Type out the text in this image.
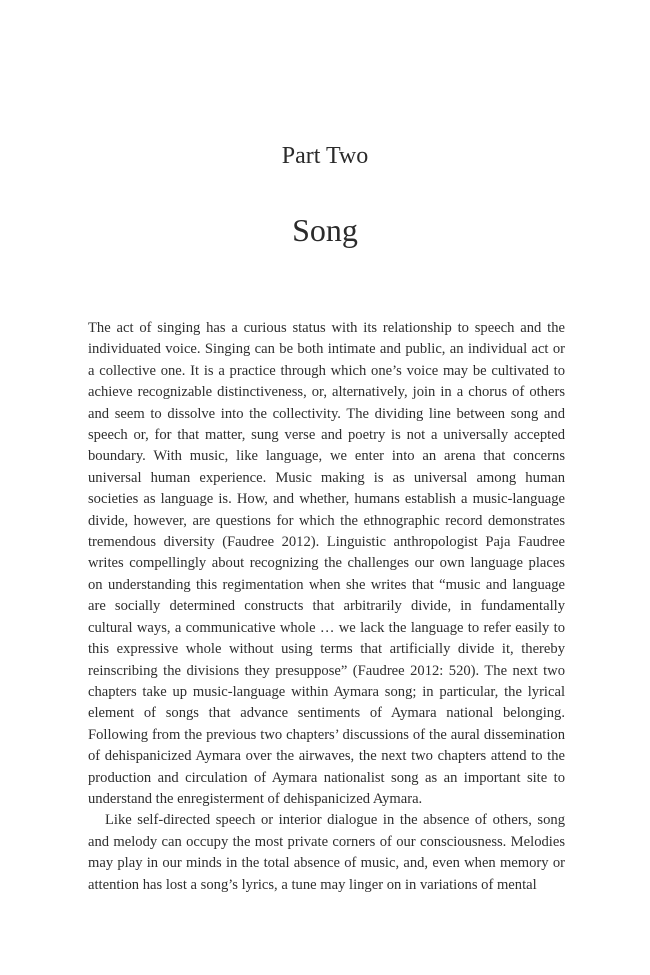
Part Two
Song

The act of singing has a curious status with its relationship to speech and the individuated voice. Singing can be both intimate and public, an individual act or a collective one. It is a practice through which one’s voice may be cultivated to achieve recognizable distinctiveness, or, alternatively, join in a chorus of others and seem to dissolve into the collectivity. The dividing line between song and speech or, for that matter, sung verse and poetry is not a universally accepted boundary. With music, like language, we enter into an arena that concerns universal human experience. Music making is as universal among human societies as language is. How, and whether, humans establish a music-language divide, however, are questions for which the ethnographic record demonstrates tremendous diversity (Faudree 2012). Linguistic anthropologist Paja Faudree writes compellingly about recognizing the challenges our own language places on understanding this regimentation when she writes that “music and language are socially determined constructs that arbitrarily divide, in fundamentally cultural ways, a communicative whole … we lack the language to refer easily to this expressive whole without using terms that artificially divide it, thereby reinscribing the divisions they presuppose” (Faudree 2012: 520). The next two chapters take up music-language within Aymara song; in particular, the lyrical element of songs that advance sentiments of Aymara national belonging. Following from the previous two chapters’ discussions of the aural dissemination of dehispanicized Aymara over the airwaves, the next two chapters attend to the production and circulation of Aymara nationalist song as an important site to understand the enregisterment of dehispanicized Aymara.

Like self-directed speech or interior dialogue in the absence of others, song and melody can occupy the most private corners of our consciousness. Melodies may play in our minds in the total absence of music, and, even when memory or attention has lost a song’s lyrics, a tune may linger on in variations of mental
